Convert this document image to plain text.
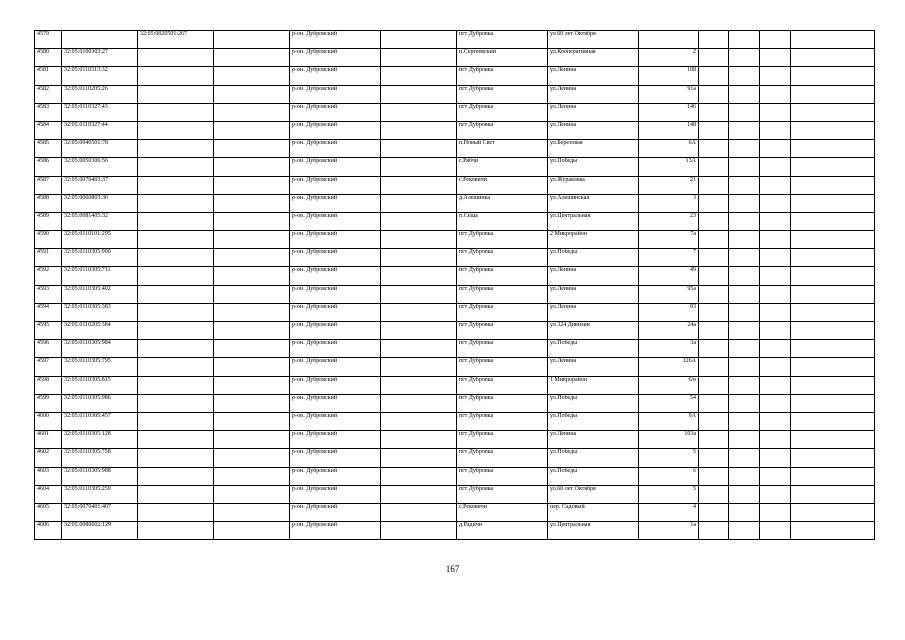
4579		32:05:0020501:267		р-он. Дубровский		пгт Дубровка	ул.60 лет Октября					
4580	32:05:0100303:27			р-он. Дубровский		п.Сергеевский	ул.Кооперативная	2				
4581	32:05:0110313:32			р-он. Дубровский		пгт Дубровка	ул.Ленина	108				
4582	32:05:0110205:26			р-он. Дубровский		пгт Дубровка	ул.Ленина	91а				
4583	32:05:0110327:43			р-он. Дубровский		пгт Дубровка	ул.Ленина	146				
4584	32:05:0110327:44			р-он. Дубровский		пгт Дубровка	ул.Ленина	148				
4585	32:05:0040501:78			р-он. Дубровский		п.Новый Свет	ул.Березовая	6А				
4586	32:05:0050306:56			р-он. Дубровский		с.Рябчи	ул.Победы	13А				
4587	32:05:0070403:37			р-он. Дубровский		с.Рековичи	ул.Журавлева	21				
4588	32:05:0060803:36			р-он. Дубровский		д.Алешинка	ул.Алешинская	3				
4589	32:05:0081405:32			р-он. Дубровский		п.Сеща	ул.Центральная	23				
4590	32:05:0110101:295			р-он. Дубровский		пгт Дубровка	2 Микрорайон	7а				
4591	32:05:0110305:990			р-он. Дубровский		пгт Дубровка	ул.Победы	7				
4592	32:05:0110305:711			р-он. Дубровский		пгт Дубровка	ул.Ленина	49				
4593	32:05:0110305:402			р-он. Дубровский		пгт Дубровка	ул.Ленина	95а				
4594	32:05:0110305:383			р-он. Дубровский		пгт Дубровка	ул.Ленина	83				
4595	32:05:0110205:384			р-он. Дубровский		пгт Дубровка	ул.324 Дивизии	24а				
4596	32:05:0110305:984			р-он. Дубровский		пгт Дубровка	ул.Победы	3а				
4597	32:05:0110305:795			р-он. Дубровский		пгт Дубровка	ул.Ленина	126А				
4598	32:05:0110305:815			р-он. Дубровский		пгт Дубровка	1 Микрорайон	6/в				
4599	32:05:0110305:986			р-он. Дубровский		пгт Дубровка	ул.Победы	54				
4600	32:05:0110305:457			р-он. Дубровский		пгт Дубровка	ул.Победы	9А				
4601	32:05:0110305:128			р-он. Дубровский		пгт Дубровка	ул.Ленина	103а				
4602	32:05:0110305:758			р-он. Дубровский		пгт Дубровка	ул.Победы	5				
4603	32:05:0110305:988			р-он. Дубровский		пгт Дубровка	ул.Победы	6				
4604	32:05:0110305:259			р-он. Дубровский		пгт Дубровка	ул.60 лет Октября	5				
4605	32:05:0070401:407			р-он. Дубровский		с.Рековичи	пер. Садовый	4				
4606	32:05:0080602:129			р-он. Дубровский		д.Радичи	ул.Центральная	1а				
167
